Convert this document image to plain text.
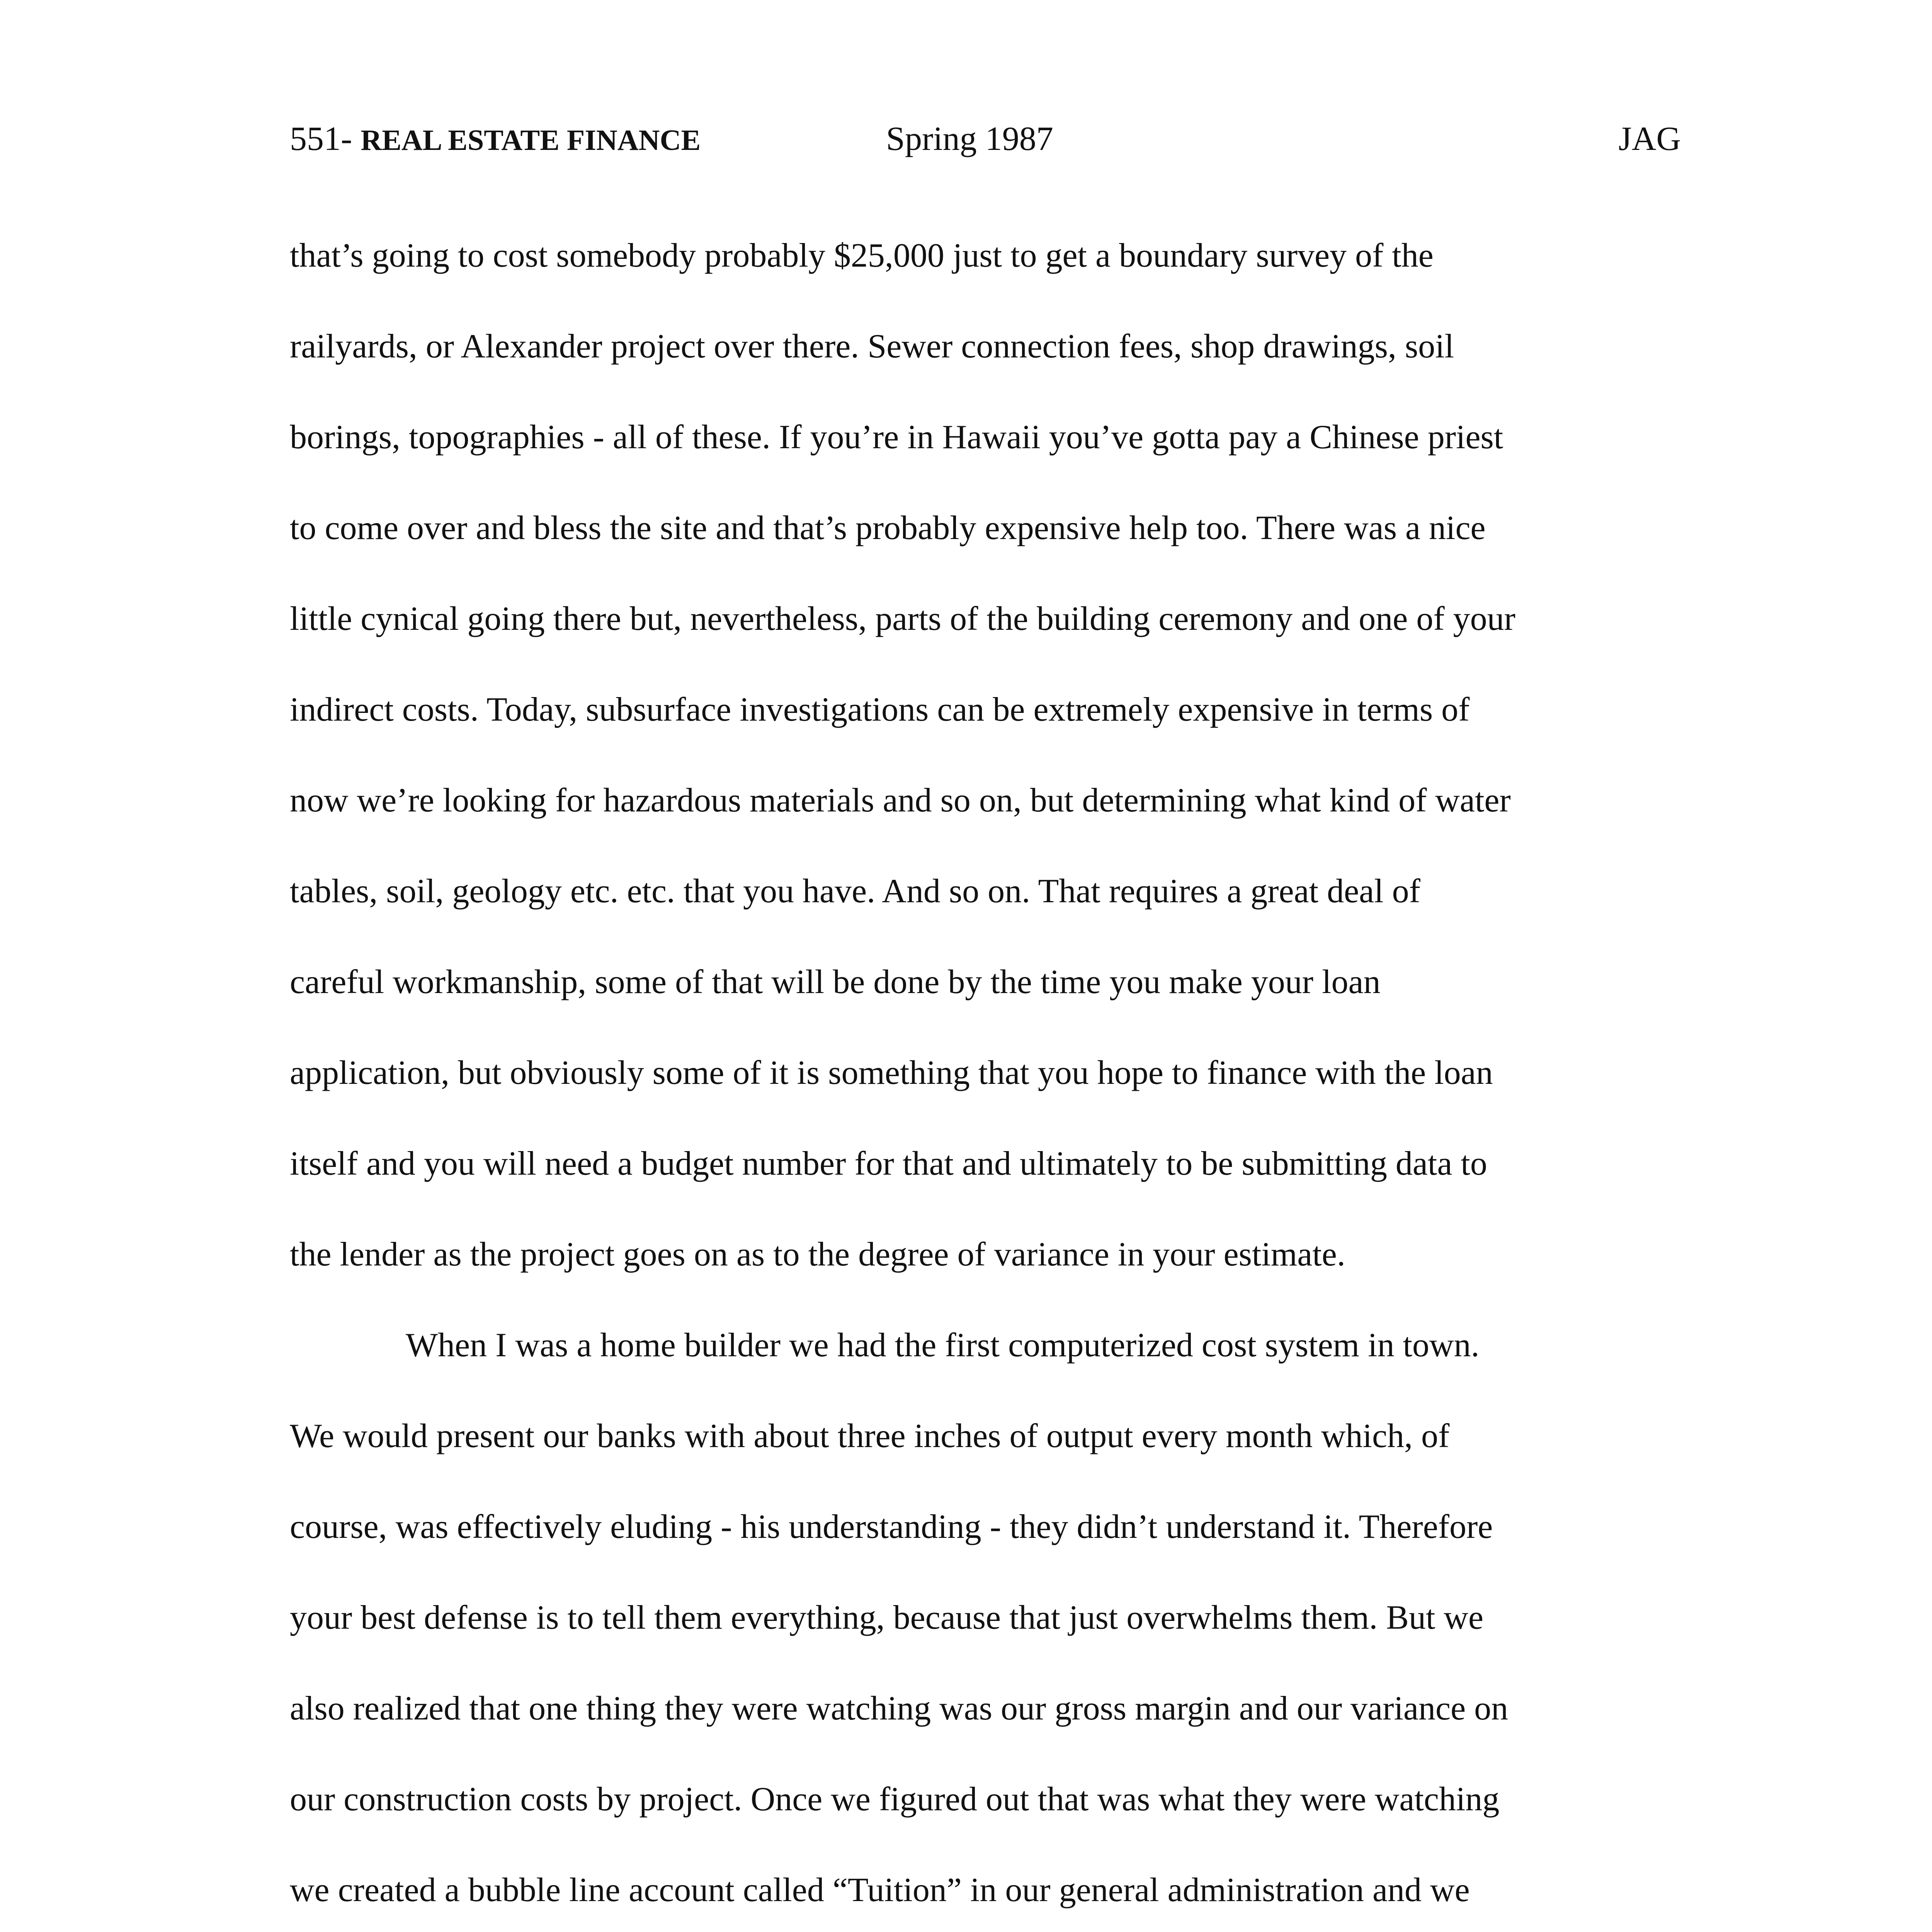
551- REAL ESTATE FINANCE	Spring 1987	JAG
that’s going to cost somebody probably $25,000 just to get a boundary survey of the
railyards, or Alexander project over there. Sewer connection fees, shop drawings, soil
borings, topographies - all of these. If you’re in Hawaii you’ve gotta pay a Chinese priest
to come over and bless the site and that’s probably expensive help too. There was a nice
little cynical going there but, nevertheless, parts of the building ceremony and one of your
indirect costs. Today, subsurface investigations can be extremely expensive in terms of
now we’re looking for hazardous materials and so on, but determining what kind of water
tables, soil, geology etc. etc. that you have. And so on. That requires a great deal of
careful workmanship, some of that will be done by the time you make your loan
application, but obviously some of it is something that you hope to finance with the loan
itself and you will need a budget number for that and ultimately to be submitting data to
the lender as the project goes on as to the degree of variance in your estimate.
When I was a home builder we had the first computerized cost system in town.
We would present our banks with about three inches of output every month which, of
course, was effectively eluding - his understanding - they didn’t understand it. Therefore
your best defense is to tell them everything, because that just overwhelms them. But we
also realized that one thing they were watching was our gross margin and our variance on
our construction costs by project. Once we figured out that was what they were watching
we created a bubble line account called “Tuition” in our general administration and we
